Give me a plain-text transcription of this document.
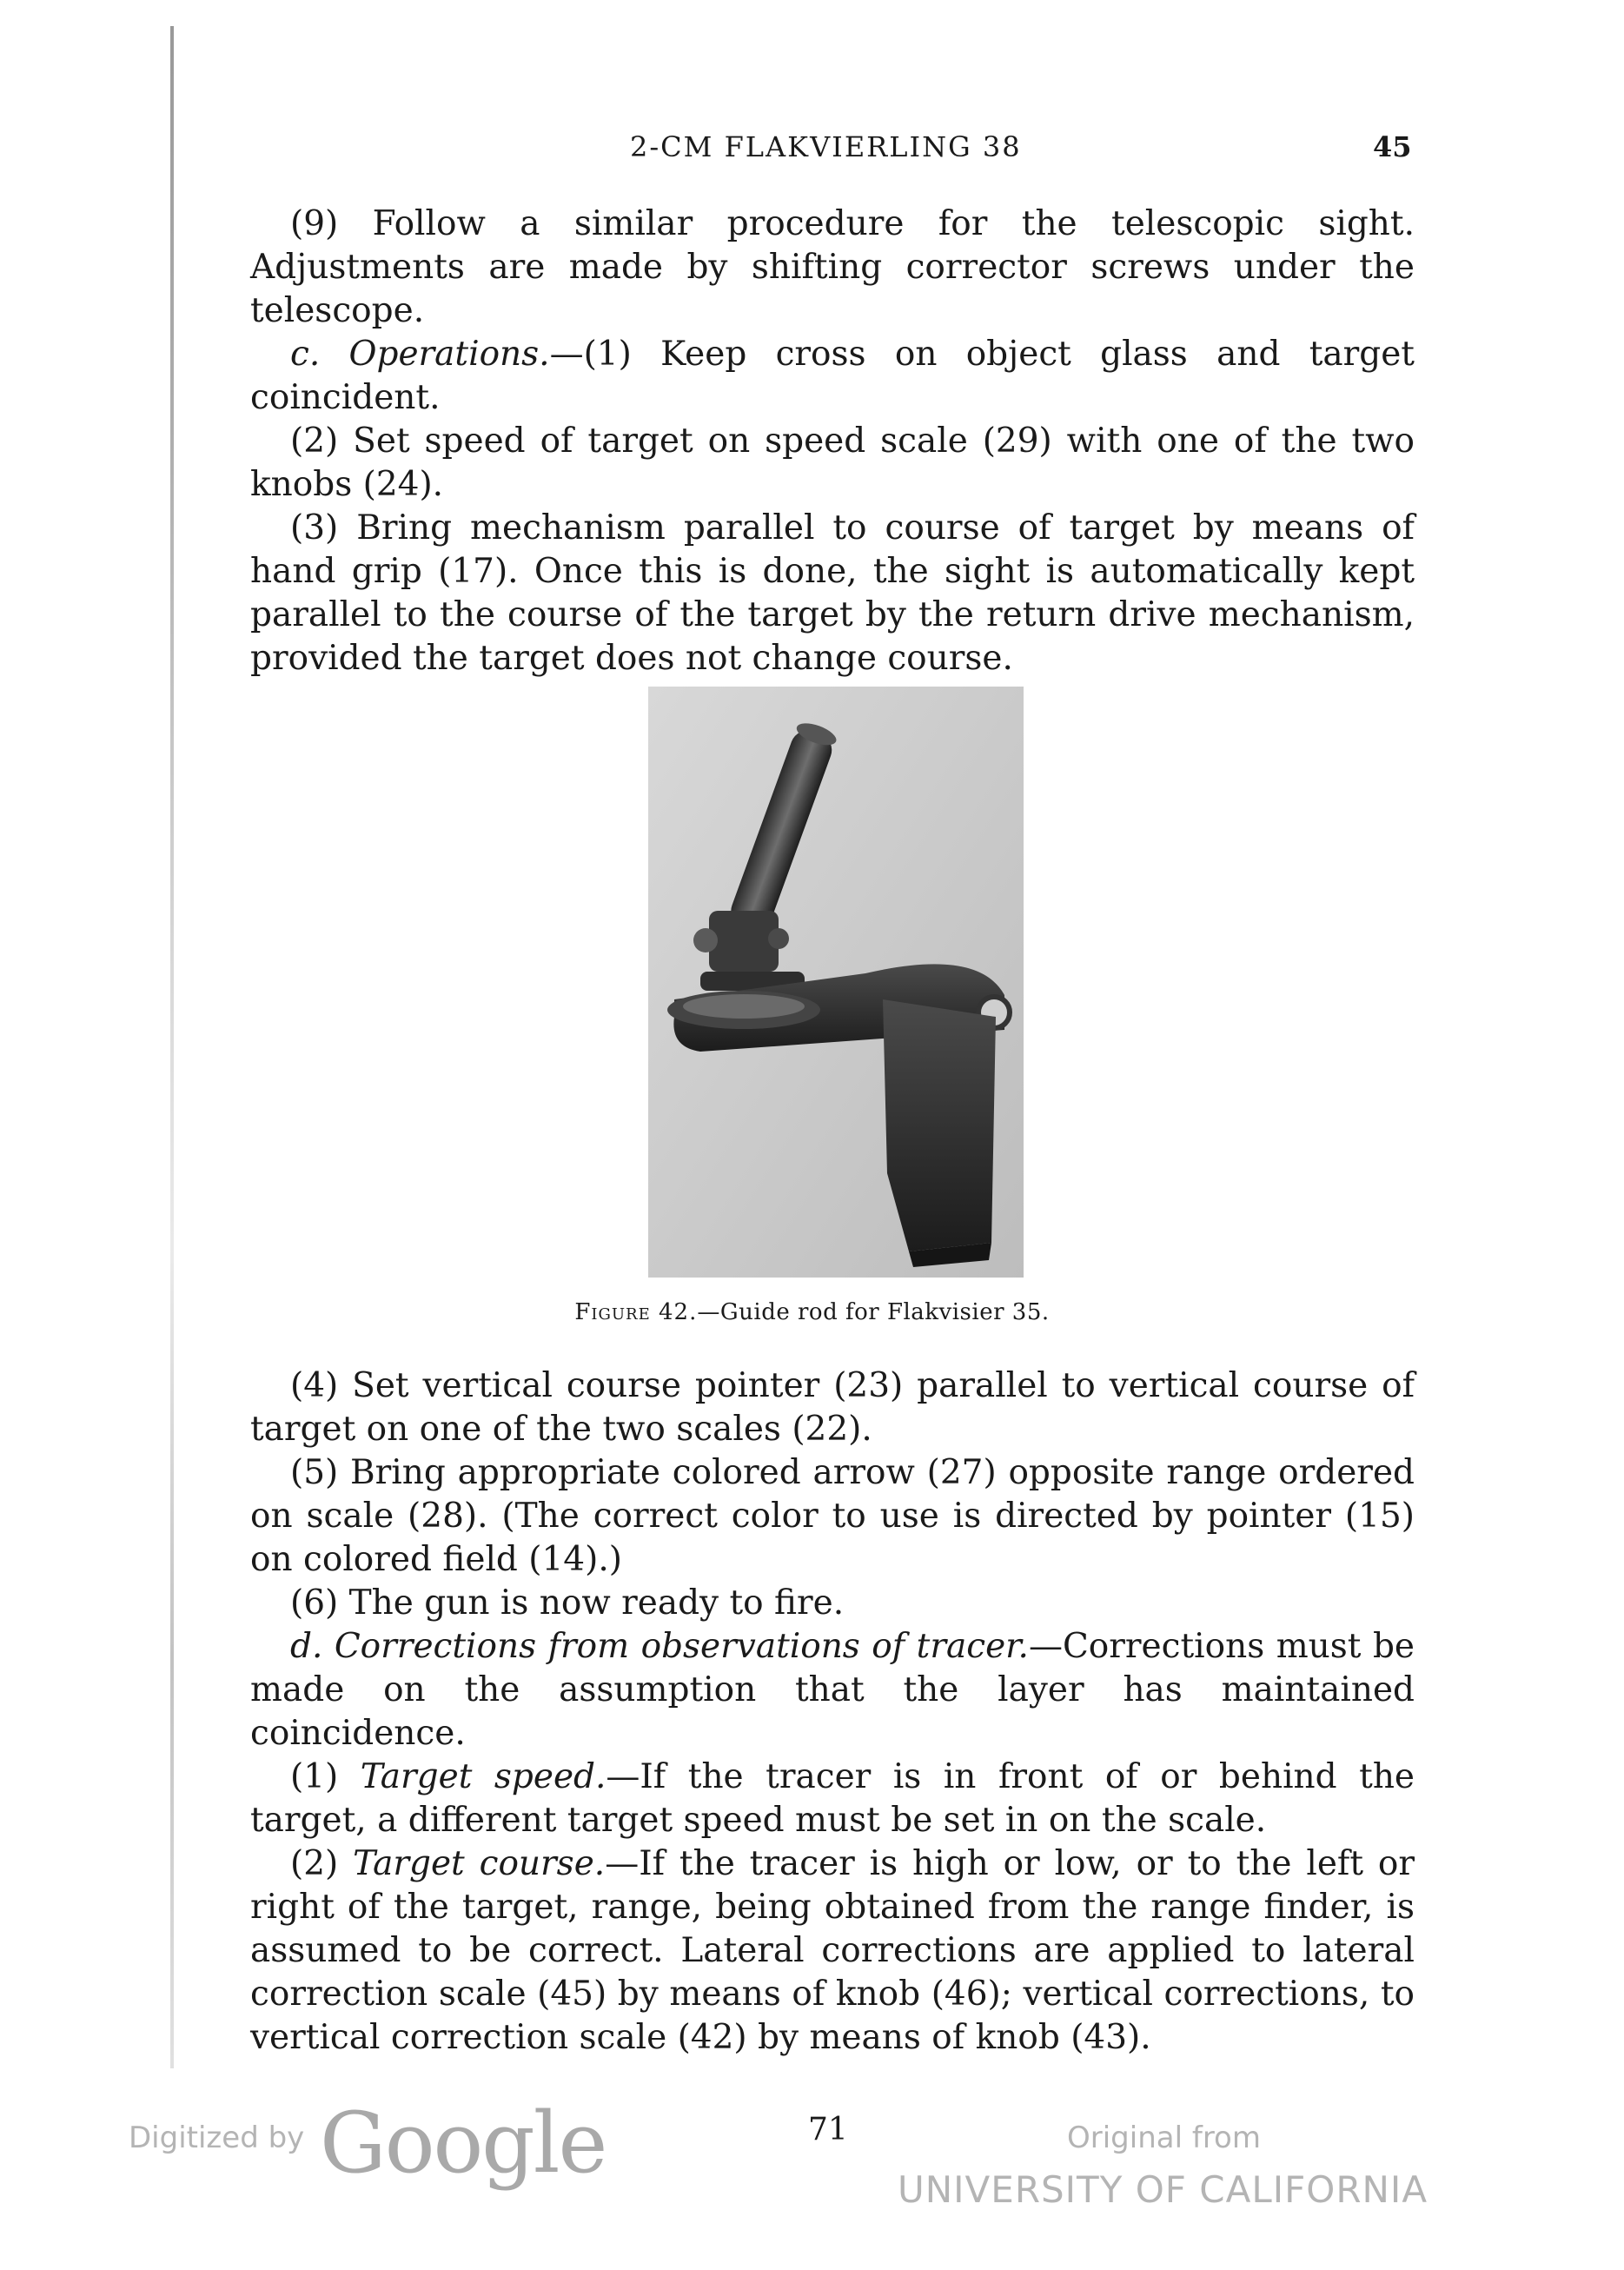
2-CM FLAKVIERLING 38	45

(9) Follow a similar procedure for the telescopic sight. Adjustments are made by shifting corrector screws under the telescope.

c. Operations.—(1) Keep cross on object glass and target coincident.

(2) Set speed of target on speed scale (29) with one of the two knobs (24).

(3) Bring mechanism parallel to course of target by means of hand grip (17). Once this is done, the sight is automatically kept parallel to the course of the target by the return drive mechanism, provided the target does not change course.

Figure 42.—Guide rod for Flakvisier 35.

(4) Set vertical course pointer (23) parallel to vertical course of target on one of the two scales (22).

(5) Bring appropriate colored arrow (27) opposite range ordered on scale (28). (The correct color to use is directed by pointer (15) on colored field (14).)

(6) The gun is now ready to fire.

d. Corrections from observations of tracer.—Corrections must be made on the assumption that the layer has maintained coincidence.

(1) Target speed.—If the tracer is in front of or behind the target, a different target speed must be set in on the scale.

(2) Target course.—If the tracer is high or low, or to the left or right of the target, range, being obtained from the range finder, is assumed to be correct. Lateral corrections are applied to lateral correction scale (45) by means of knob (46); vertical corrections, to vertical correction scale (42) by means of knob (43).

71
Digitized by Google	Original from
UNIVERSITY OF CALIFORNIA
